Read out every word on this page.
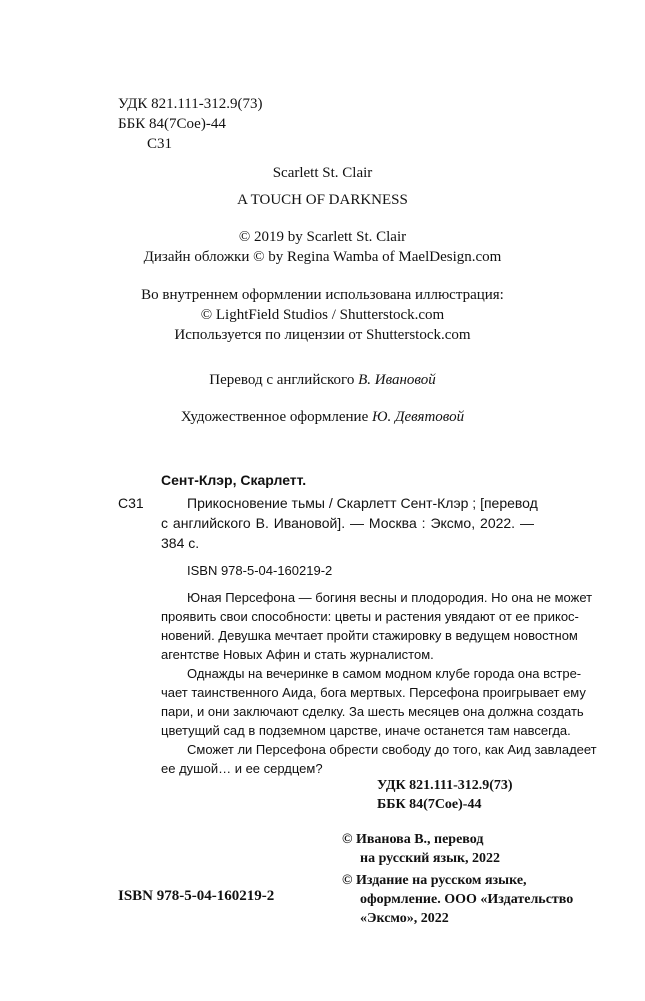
УДК 821.111-312.9(73)
ББК 84(7Сое)-44
С31
Scarlett St. Clair
A TOUCH OF DARKNESS
© 2019 by Scarlett St. Clair
Дизайн обложки © by Regina Wamba of MaelDesign.com
Во внутреннем оформлении использована иллюстрация:
© LightField Studios / Shutterstock.com
Используется по лицензии от Shutterstock.com
Перевод с английского В. Ивановой
Художественное оформление Ю. Девятовой
Сент-Клэр, Скарлетт.
С31	Прикосновение тьмы / Скарлетт Сент-Клэр ; [перевод
с английского В. Ивановой]. — Москва : Эксмо, 2022. —
384 с.
ISBN 978-5-04-160219-2
Юная Персефона — богиня весны и плодородия. Но она не может
проявить свои способности: цветы и растения увядают от ее прикос-
новений. Девушка мечтает пройти стажировку в ведущем новостном
агентстве Новых Афин и стать журналистом.
Однажды на вечеринке в самом модном клубе города она встре-
чает таинственного Аида, бога мертвых. Персефона проигрывает ему
пари, и они заключают сделку. За шесть месяцев она должна создать
цветущий сад в подземном царстве, иначе останется там навсегда.
Сможет ли Персефона обрести свободу до того, как Аид завладеет
ее душой… и ее сердцем?
УДК 821.111-312.9(73)
ББК 84(7Сое)-44
© Иванова В., перевод
на русский язык, 2022
© Издание на русском языке,
оформление. ООО «Издательство
«Эксмо», 2022
ISBN 978-5-04-160219-2
